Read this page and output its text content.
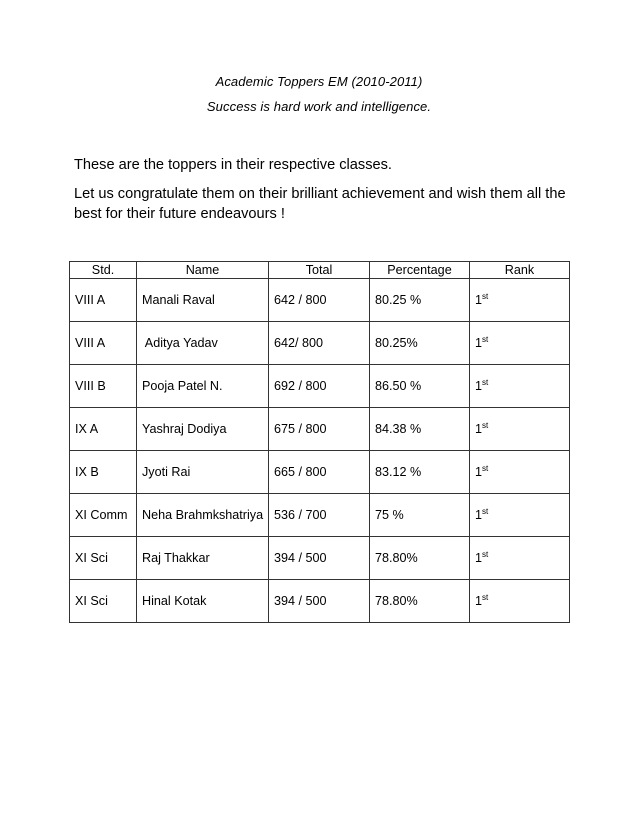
Academic Toppers EM (2010-2011)
Success is hard work and intelligence.
These are the toppers in their respective classes.
Let us congratulate them on their brilliant achievement and wish them all the best for their future endeavours !
Std.	Name	Total	Percentage	Rank
VIII A	Manali Raval	642 / 800	80.25 %	1st
VIII A	Aditya Yadav	642/ 800	80.25%	1st
VIII B	Pooja Patel N.	692 / 800	86.50 %	1st
IX A	Yashraj Dodiya	675 / 800	84.38 %	1st
IX B	Jyoti Rai	665 / 800	83.12 %	1st
XI Comm	Neha Brahmkshatriya	536 / 700	75 %	1st
XI Sci	Raj Thakkar	394 / 500	78.80%	1st
XI Sci	Hinal Kotak	394 / 500	78.80%	1st
